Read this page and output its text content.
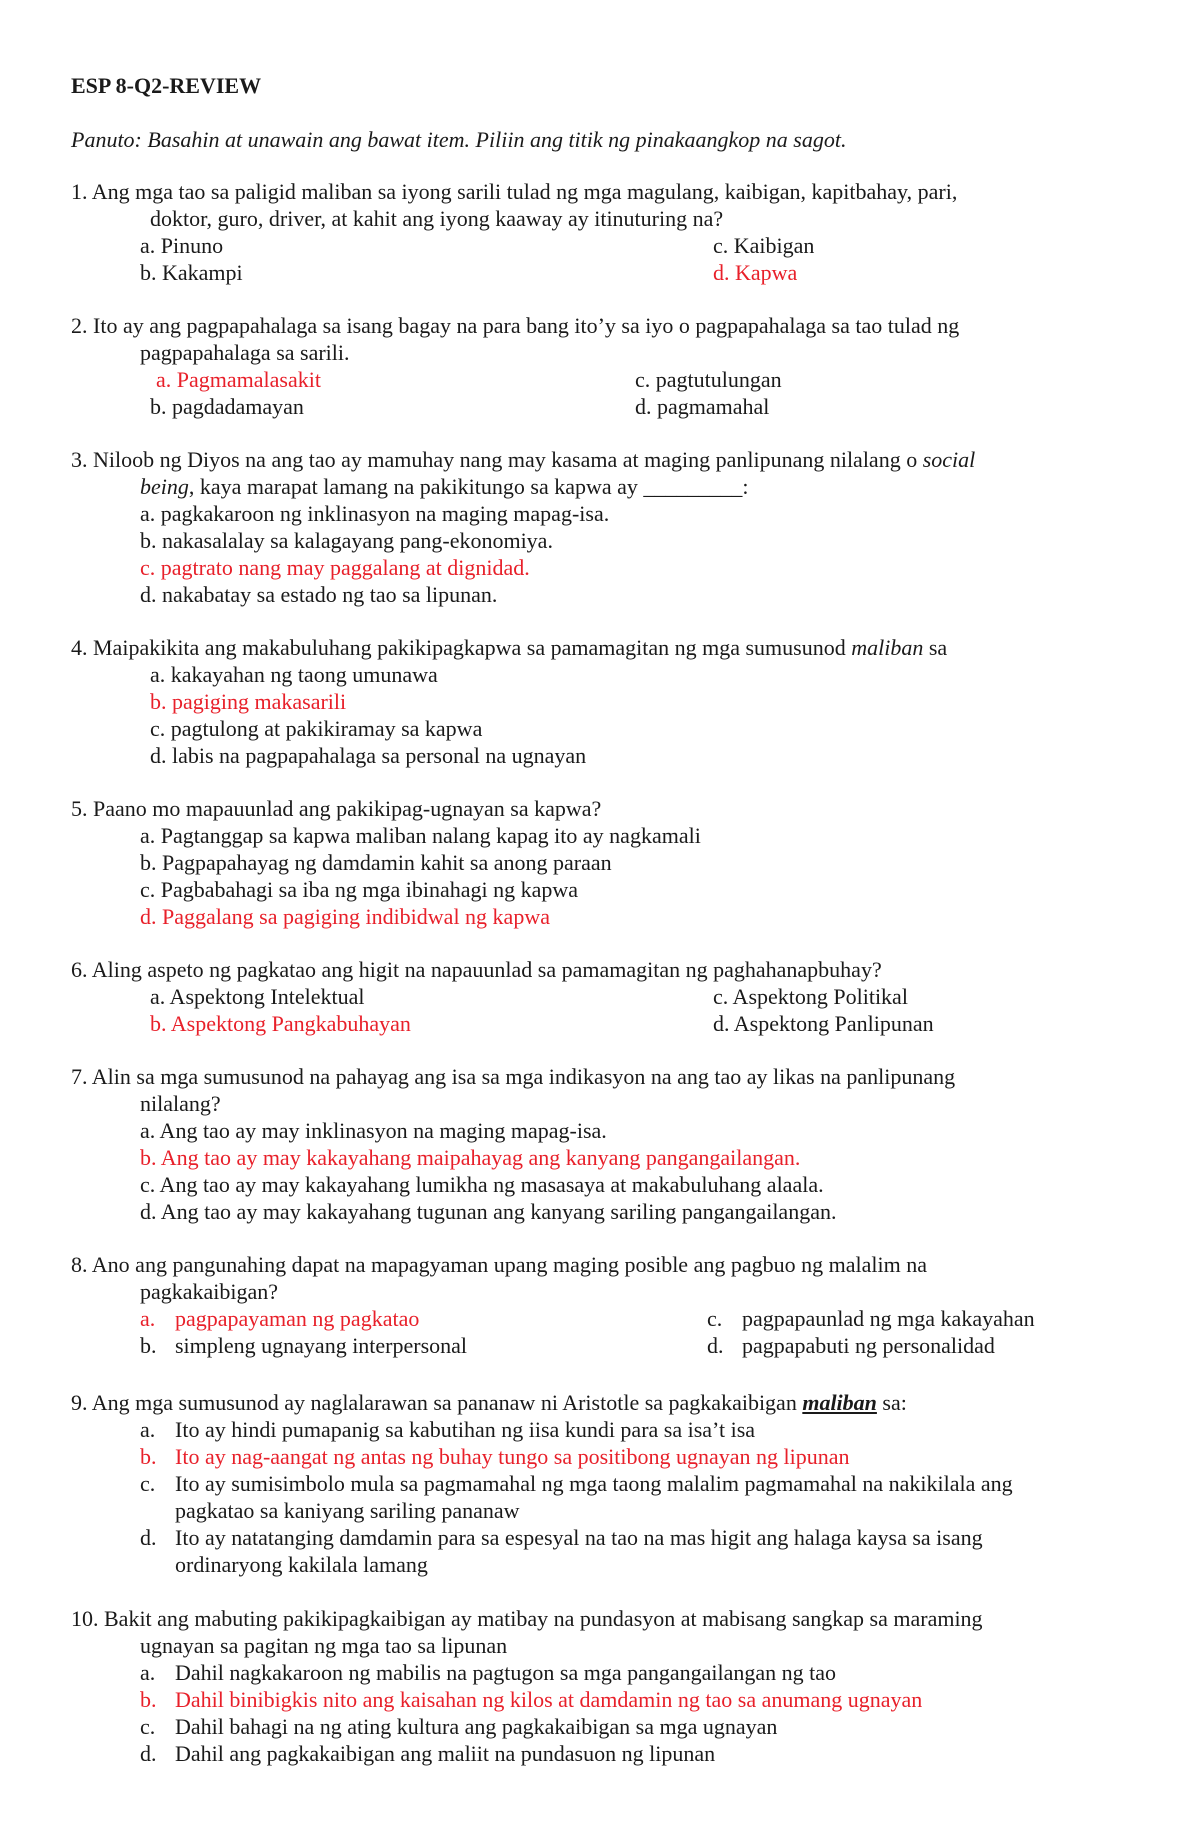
ESP 8-Q2-REVIEW
Panuto: Basahin at unawain ang bawat item. Piliin ang titik ng pinakaangkop na sagot.
1. Ang mga tao sa paligid maliban sa iyong sarili tulad ng mga magulang, kaibigan, kapitbahay, pari,
doktor, guro, driver, at kahit ang iyong kaaway ay itinuturing na?
a. Pinuno
b. Kakampi
c. Kaibigan
d. Kapwa
2. Ito ay ang pagpapahalaga sa isang bagay na para bang ito’y sa iyo o pagpapahalaga sa tao tulad ng
pagpapahalaga sa sarili.
a. Pagmamalasakit
b. pagdadamayan
c. pagtutulungan
d. pagmamahal
3. Niloob ng Diyos na ang tao ay mamuhay nang may kasama at maging panlipunang nilalang o social
being, kaya marapat lamang na pakikitungo sa kapwa ay _________:
a. pagkakaroon ng inklinasyon na maging mapag-isa.
b. nakasalalay sa kalagayang pang-ekonomiya.
c. pagtrato nang may paggalang at dignidad.
d. nakabatay sa estado ng tao sa lipunan.
4. Maipakikita ang makabuluhang pakikipagkapwa sa pamamagitan ng mga sumusunod maliban sa
a. kakayahan ng taong umunawa
b. pagiging makasarili
c. pagtulong at pakikiramay sa kapwa
d. labis na pagpapahalaga sa personal na ugnayan
5. Paano mo mapauunlad ang pakikipag-ugnayan sa kapwa?
a. Pagtanggap sa kapwa maliban nalang kapag ito ay nagkamali
b. Pagpapahayag ng damdamin kahit sa anong paraan
c. Pagbabahagi sa iba ng mga ibinahagi ng kapwa
d. Paggalang sa pagiging indibidwal ng kapwa
6. Aling aspeto ng pagkatao ang higit na napauunlad sa pamamagitan ng paghahanapbuhay?
a. Aspektong Intelektual
b. Aspektong Pangkabuhayan
c. Aspektong Politikal
d. Aspektong Panlipunan
7. Alin sa mga sumusunod na pahayag ang isa sa mga indikasyon na ang tao ay likas na panlipunang
nilalang?
a. Ang tao ay may inklinasyon na maging mapag-isa.
b. Ang tao ay may kakayahang maipahayag ang kanyang pangangailangan.
c. Ang tao ay may kakayahang lumikha ng masasaya at makabuluhang alaala.
d. Ang tao ay may kakayahang tugunan ang kanyang sariling pangangailangan.
8. Ano ang pangunahing dapat na mapagyaman upang maging posible ang pagbuo ng malalim na
pagkakaibigan?
a. pagpapayaman ng pagkatao
b. simpleng ugnayang interpersonal
c. pagpapaunlad ng mga kakayahan
d. pagpapabuti ng personalidad
9. Ang mga sumusunod ay naglalarawan sa pananaw ni Aristotle sa pagkakaibigan maliban sa:
a. Ito ay hindi pumapanig sa kabutihan ng iisa kundi para sa isa’t isa
b. Ito ay nag-aangat ng antas ng buhay tungo sa positibong ugnayan ng lipunan
c. Ito ay sumisimbolo mula sa pagmamahal ng mga taong malalim pagmamahal na nakikilala ang
pagkatao sa kaniyang sariling pananaw
d. Ito ay natatanging damdamin para sa espesyal na tao na mas higit ang halaga kaysa sa isang
ordinaryong kakilala lamang
10. Bakit ang mabuting pakikipagkaibigan ay matibay na pundasyon at mabisang sangkap sa maraming
ugnayan sa pagitan ng mga tao sa lipunan
a. Dahil nagkakaroon ng mabilis na pagtugon sa mga pangangailangan ng tao
b. Dahil binibigkis nito ang kaisahan ng kilos at damdamin ng tao sa anumang ugnayan
c. Dahil bahagi na ng ating kultura ang pagkakaibigan sa mga ugnayan
d. Dahil ang pagkakaibigan ang maliit na pundasuon ng lipunan
